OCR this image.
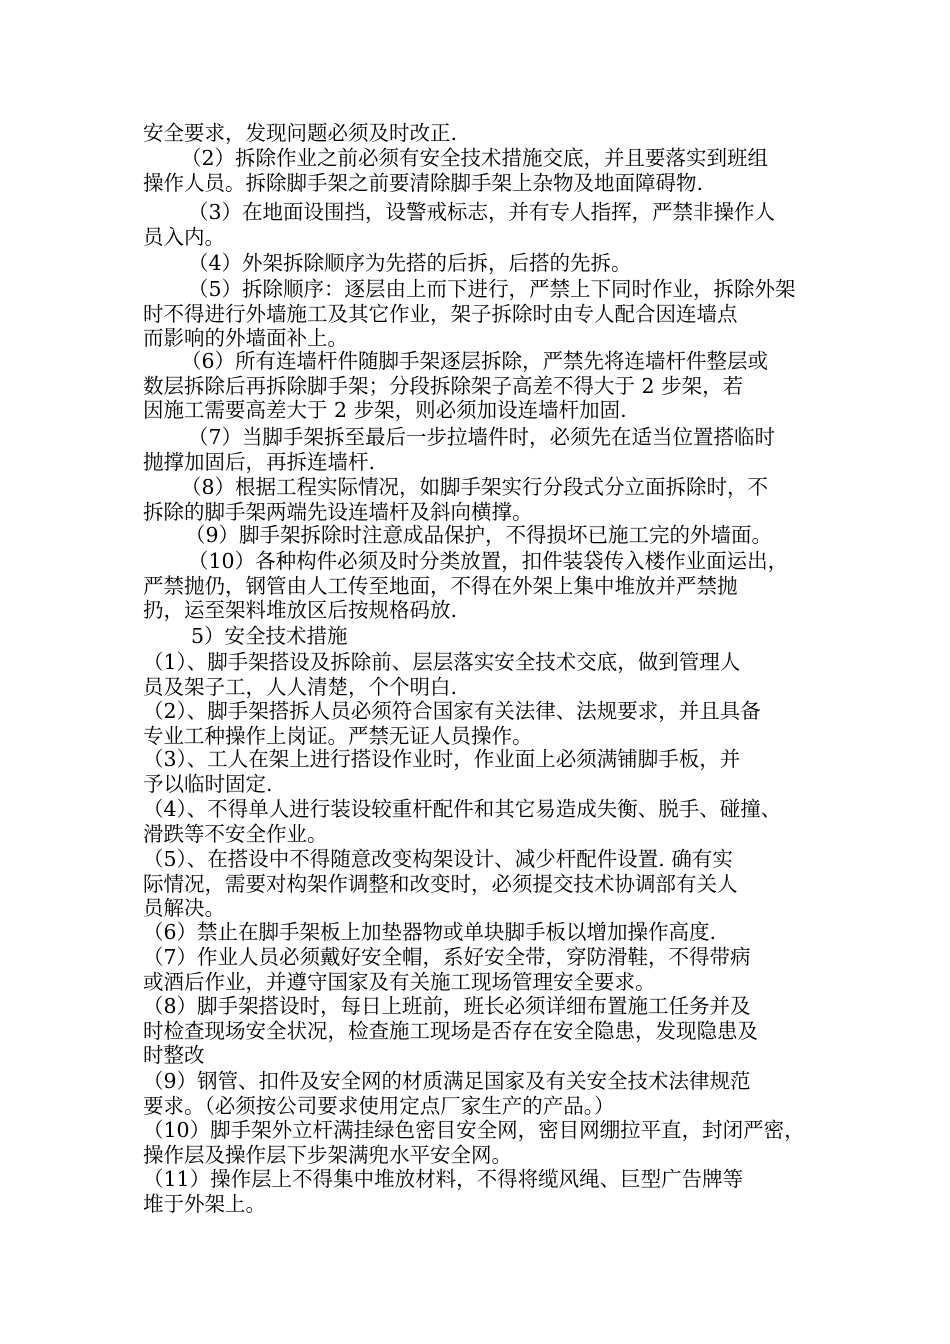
安全要求，发现问题必须及时改正.
（2）拆除作业之前必须有安全技术措施交底，并且要落实到班组
操作人员。拆除脚手架之前要清除脚手架上杂物及地面障碍物.
（3）在地面设围挡，设警戒标志，并有专人指挥，严禁非操作人
员入内。
（4）外架拆除顺序为先搭的后拆，后搭的先拆。
（5）拆除顺序：逐层由上而下进行，严禁上下同时作业，拆除外架
时不得进行外墙施工及其它作业，架子拆除时由专人配合因连墙点
而影响的外墙面补上。
（6）所有连墙杆件随脚手架逐层拆除，严禁先将连墙杆件整层或
数层拆除后再拆除脚手架；分段拆除架子高差不得大于 2 步架，若
因施工需要高差大于 2 步架，则必须加设连墙杆加固.
（7）当脚手架拆至最后一步拉墙件时，必须先在适当位置搭临时
抛撑加固后，再拆连墙杆.
（8）根据工程实际情况，如脚手架实行分段式分立面拆除时，不
拆除的脚手架两端先设连墙杆及斜向横撑。
（9）脚手架拆除时注意成品保护，不得损坏已施工完的外墙面。
（10）各种构件必须及时分类放置，扣件装袋传入楼作业面运出，
严禁抛仍，钢管由人工传至地面，不得在外架上集中堆放并严禁抛
扔，运至架料堆放区后按规格码放.
5）安全技术措施
（1）、脚手架搭设及拆除前、层层落实安全技术交底，做到管理人
员及架子工，人人清楚，个个明白.
（2）、脚手架搭拆人员必须符合国家有关法律、法规要求，并且具备
专业工种操作上岗证。严禁无证人员操作。
（3）、工人在架上进行搭设作业时，作业面上必须满铺脚手板，并
予以临时固定.
（4）、不得单人进行装设较重杆配件和其它易造成失衡、脱手、碰撞、
滑跌等不安全作业。
（5）、在搭设中不得随意改变构架设计、减少杆配件设置. 确有实
际情况，需要对构架作调整和改变时，必须提交技术协调部有关人
员解决。
（6）禁止在脚手架板上加垫器物或单块脚手板以增加操作高度.
（7）作业人员必须戴好安全帽，系好安全带，穿防滑鞋，不得带病
或酒后作业，并遵守国家及有关施工现场管理安全要求。
（8）脚手架搭设时，每日上班前，班长必须详细布置施工任务并及
时检查现场安全状况，检查施工现场是否存在安全隐患，发现隐患及
时整改
（9）钢管、扣件及安全网的材质满足国家及有关安全技术法律规范
要求。（必须按公司要求使用定点厂家生产的产品。）
（10）脚手架外立杆满挂绿色密目安全网，密目网绷拉平直，封闭严密，
操作层及操作层下步架满兜水平安全网。
（11）操作层上不得集中堆放材料，不得将缆风绳、巨型广告牌等
堆于外架上。
